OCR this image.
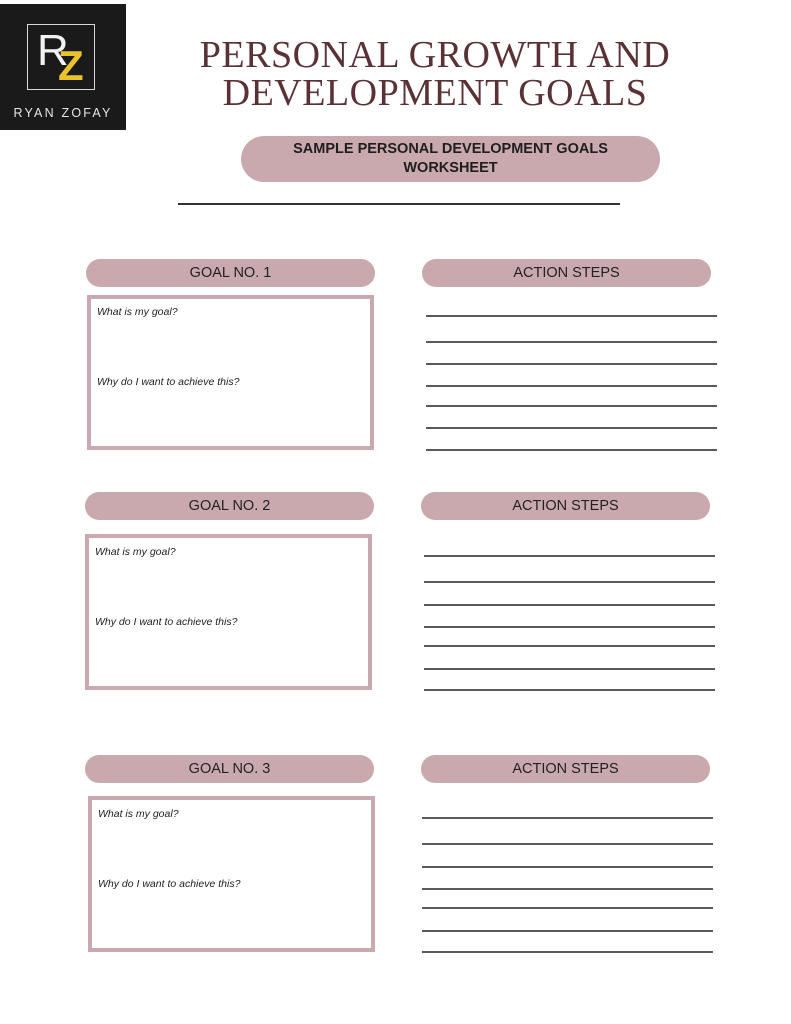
R
Z
RYAN ZOFAY
PERSONAL GROWTH AND
DEVELOPMENT GOALS
SAMPLE PERSONAL DEVELOPMENT GOALS WORKSHEET
GOAL NO. 1
What is my goal?
Why do I want to achieve this?
ACTION STEPS
GOAL NO. 2
What is my goal?
Why do I want to achieve this?
ACTION STEPS
GOAL NO. 3
What is my goal?
Why do I want to achieve this?
ACTION STEPS
